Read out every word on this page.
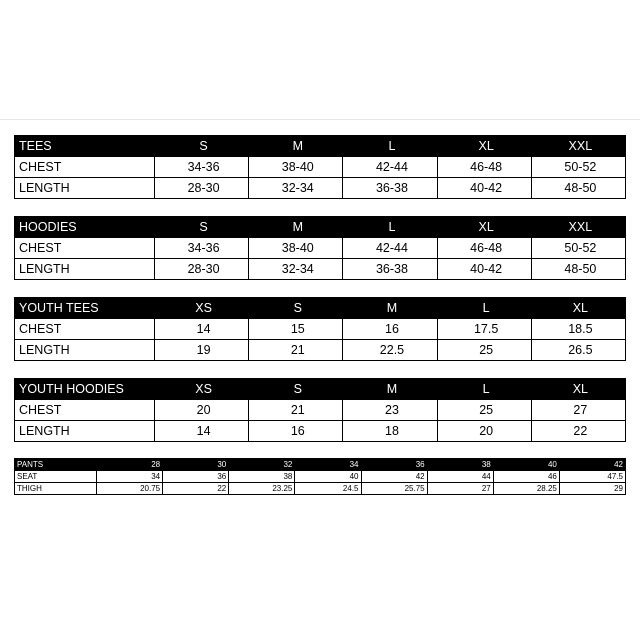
TEES	S	M	L	XL	XXL
CHEST	34-36	38-40	42-44	46-48	50-52
LENGTH	28-30	32-34	36-38	40-42	48-50
HOODIES	S	M	L	XL	XXL
CHEST	34-36	38-40	42-44	46-48	50-52
LENGTH	28-30	32-34	36-38	40-42	48-50
YOUTH TEES	XS	S	M	L	XL
CHEST	14	15	16	17.5	18.5
LENGTH	19	21	22.5	25	26.5
YOUTH HOODIES	XS	S	M	L	XL
CHEST	20	21	23	25	27
LENGTH	14	16	18	20	22
PANTS	28	30	32	34	36	38	40	42
SEAT	34	36	38	40	42	44	46	47.5
THIGH	20.75	22	23.25	24.5	25.75	27	28.25	29
